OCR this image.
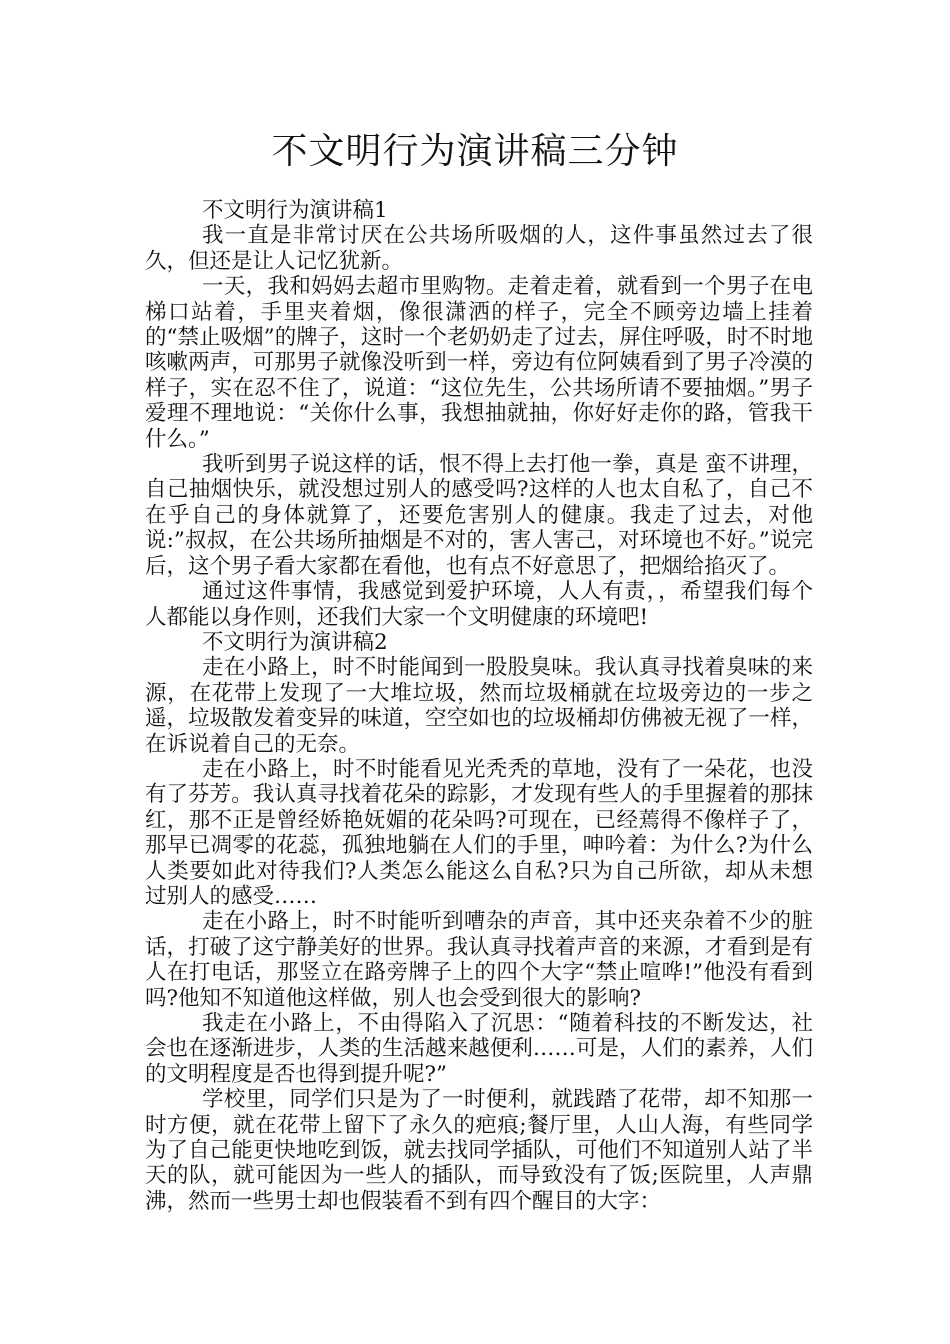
不文明行为演讲稿三分钟

不文明行为演讲稿1

我一直是非常讨厌在公共场所吸烟的人，这件事虽然过去了很久，但还是让人记忆犹新。

一天，我和妈妈去超市里购物。走着走着，就看到一个男子在电梯口站着，手里夹着烟，像很潇洒的样子，完全不顾旁边墙上挂着的“禁止吸烟”的牌子，这时一个老奶奶走了过去，屏住呼吸，时不时地咳嗽两声，可那男子就像没听到一样，旁边有位阿姨看到了男子冷漠的样子，实在忍不住了，说道：“这位先生，公共场所请不要抽烟。”男子爱理不理地说：“关你什么事，我想抽就抽，你好好走你的路，管我干什么。”

我听到男子说这样的话，恨不得上去打他一拳，真是 蛮不讲理，自己抽烟快乐，就没想过别人的感受吗?这样的人也太自私了，自己不在乎自己的身体就算了，还要危害别人的健康。我走了过去，对他说:”叔叔，在公共场所抽烟是不对的，害人害己，对环境也不好。”说完后，这个男子看大家都在看他，也有点不好意思了，把烟给掐灭了。

通过这件事情，我感觉到爱护环境，人人有责，，希望我们每个人都能以身作则，还我们大家一个文明健康的环境吧!

不文明行为演讲稿2

走在小路上，时不时能闻到一股股臭味。我认真寻找着臭味的来源，在花带上发现了一大堆垃圾，然而垃圾桶就在垃圾旁边的一步之遥，垃圾散发着变异的味道，空空如也的垃圾桶却仿佛被无视了一样，在诉说着自己的无奈。

走在小路上，时不时能看见光秃秃的草地，没有了一朵花，也没有了芬芳。我认真寻找着花朵的踪影，才发现有些人的手里握着的那抹红，那不正是曾经娇艳妩媚的花朵吗?可现在，已经蔫得不像样子了，那早已凋零的花蕊，孤独地躺在人们的手里，呻吟着：为什么?为什么人类要如此对待我们?人类怎么能这么自私?只为自己所欲，却从未想过别人的感受……

走在小路上，时不时能听到嘈杂的声音，其中还夹杂着不少的脏话，打破了这宁静美好的世界。我认真寻找着声音的来源，才看到是有人在打电话，那竖立在路旁牌子上的四个大字“禁止喧哗!”他没有看到吗?他知不知道他这样做，别人也会受到很大的影响?

我走在小路上，不由得陷入了沉思：“随着科技的不断发达，社会也在逐渐进步，人类的生活越来越便利……可是，人们的素养，人们的文明程度是否也得到提升呢?”

学校里，同学们只是为了一时便利，就践踏了花带，却不知那一时方便，就在花带上留下了永久的疤痕;餐厅里，人山人海，有些同学为了自己能更快地吃到饭，就去找同学插队，可他们不知道别人站了半天的队，就可能因为一些人的插队，而导致没有了饭;医院里，人声鼎沸，然而一些男士却也假装看不到有四个醒目的大字：
